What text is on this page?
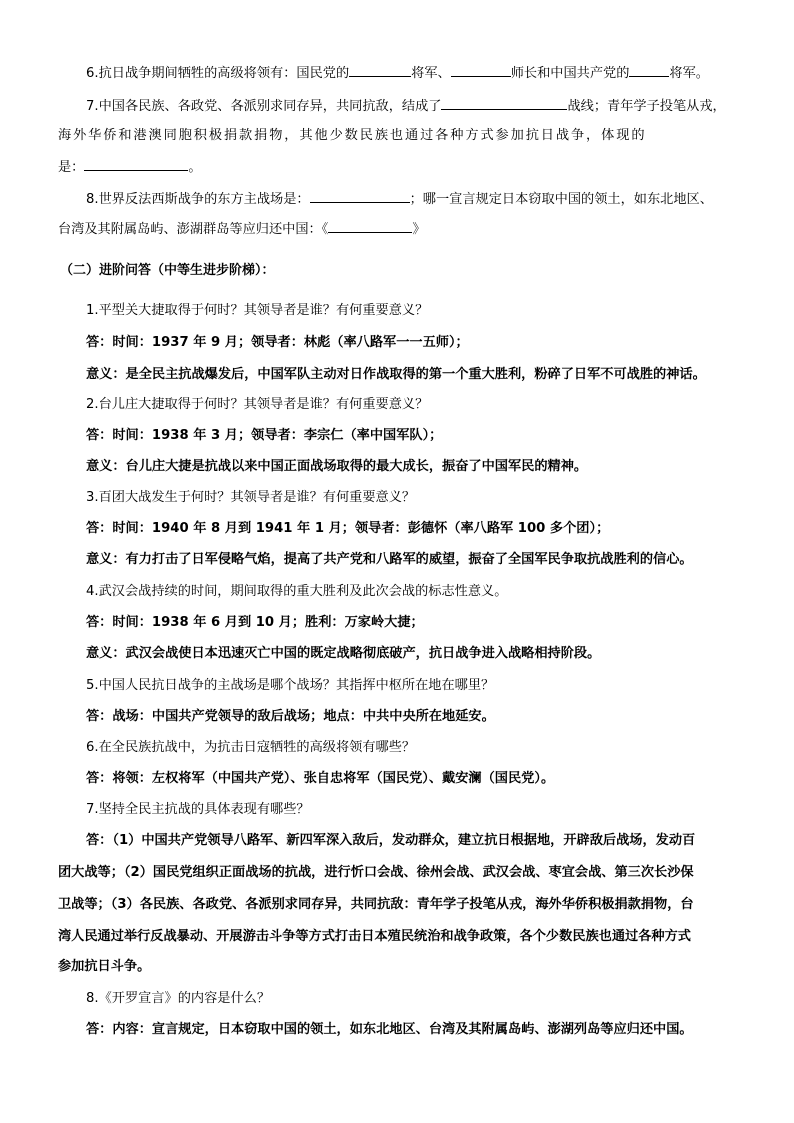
6.抗日战争期间牺牲的高级将领有：国民党的	将军、	师长和中国共产党的	将军。
7.中国各民族、各政党、各派别求同存异，共同抗敌，结成了	战线；青年学子投笔从戎，
海外华侨和港澳同胞积极捐款捐物，其他少数民族也通过各种方式参加抗日战争，体现的
是：	。
8.世界反法西斯战争的东方主战场是：	；哪一宣言规定日本窃取中国的领土，如东北地区、
台湾及其附属岛屿、澎湖群岛等应归还中国：《	》
（二）进阶问答（中等生进步阶梯）：
1.平型关大捷取得于何时？其领导者是谁？有何重要意义？
答：时间：1937 年 9 月；领导者：林彪（率八路军一一五师）；
意义：是全民主抗战爆发后，中国军队主动对日作战取得的第一个重大胜利，粉碎了日军不可战胜的神话。
2.台儿庄大捷取得于何时？其领导者是谁？有何重要意义？
答：时间：1938 年 3 月；领导者：李宗仁（率中国军队）；
意义：台儿庄大捷是抗战以来中国正面战场取得的最大成长，振奋了中国军民的精神。
3.百团大战发生于何时？其领导者是谁？有何重要意义？
答：时间：1940 年 8 月到 1941 年 1 月；领导者：彭德怀（率八路军 100 多个团）；
意义：有力打击了日军侵略气焰，提高了共产党和八路军的威望，振奋了全国军民争取抗战胜利的信心。
4.武汉会战持续的时间，期间取得的重大胜利及此次会战的标志性意义。
答：时间：1938 年 6 月到 10 月；胜利：万家岭大捷；
意义：武汉会战使日本迅速灭亡中国的既定战略彻底破产，抗日战争进入战略相持阶段。
5.中国人民抗日战争的主战场是哪个战场？其指挥中枢所在地在哪里？
答：战场：中国共产党领导的敌后战场；地点：中共中央所在地延安。
6.在全民族抗战中，为抗击日寇牺牲的高级将领有哪些？
答：将领：左权将军（中国共产党）、张自忠将军（国民党）、戴安澜（国民党）。
7.坚持全民主抗战的具体表现有哪些？
答：（1）中国共产党领导八路军、新四军深入敌后，发动群众，建立抗日根据地，开辟敌后战场，发动百
团大战等；（2）国民党组织正面战场的抗战，进行忻口会战、徐州会战、武汉会战、枣宜会战、第三次长沙保
卫战等；（3）各民族、各政党、各派别求同存异，共同抗敌：青年学子投笔从戎，海外华侨积极捐款捐物，台
湾人民通过举行反战暴动、开展游击斗争等方式打击日本殖民统治和战争政策，各个少数民族也通过各种方式
参加抗日斗争。
8.《开罗宣言》的内容是什么？
答：内容：宣言规定，日本窃取中国的领土，如东北地区、台湾及其附属岛屿、澎湖列岛等应归还中国。
